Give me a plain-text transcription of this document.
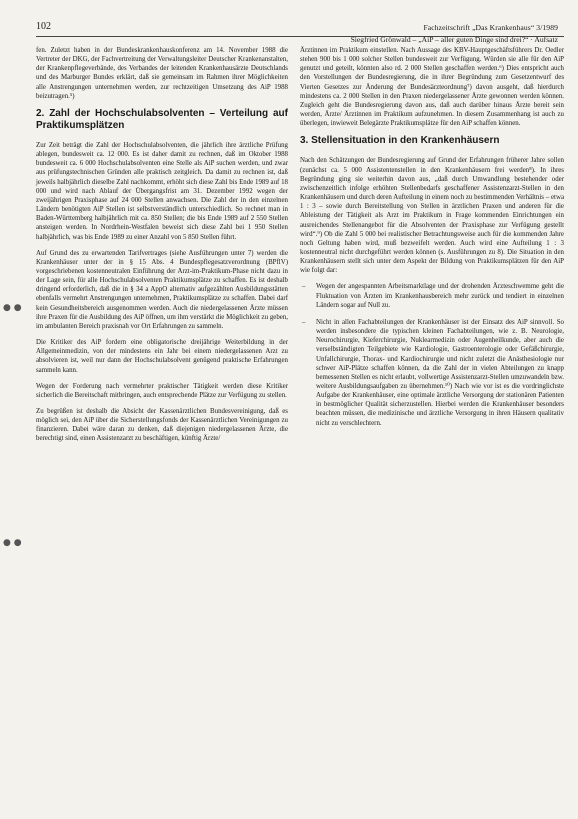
102	Fachzeitschrift „Das Krankenhaus“ 3/1989
Siegfried Grönwald – „AiP – aller guten Dinge sind drei?“ · Aufsatz
● ●
● ●

fen. Zuletzt haben in der Bundeskrankenhauskonferenz am 14. November 1988 die Vertreter der DKG, der Fachvertreitung der Verwaltungsleiter Deutscher Krankenanstalten, der Krankenpflegeverbände, des Verbandes der leitenden Krankenhausärzte Deutschlands und des Marburger Bundes erklärt, daß sie gemeinsam im Rahmen ihrer Möglichkeiten alle Anstrengungen unternehmen werden, zur rechtzeitigen Umsetzung des AiP 1988 beizutragen.⁵)

2. Zahl der Hochschulabsolventen – Verteilung auf Praktikumsplätzen

Zur Zeit beträgt die Zahl der Hochschulabsolventen, die jährlich ihre ärztliche Prüfung ablegen, bundesweit ca. 12 000. Es ist daher damit zu rechnen, daß im Oktober 1988 bundesweit ca. 6 000 Hochschulabsolventen eine Stelle als AiP suchen werden, und zwar aus prüfungstechnischen Gründen alle praktisch zeitgleich. Da damit zu rechnen ist, daß jeweils halbjährlich dieselbe Zahl nachkommt, erhöht sich diese Zahl bis Ende 1989 auf 18 000 und wird nach Ablauf der Übergangsfrist am 31. Dezember 1992 wegen der zweijährigen Praxisphase auf 24 000 Stellen anwachsen. Die Zahl der in den einzelnen Ländern benötigten AiP Stellen ist selbstverständlich unterschiedlich. So rechnet man in Baden-Württemberg halbjährlich mit ca. 850 Stellen; die bis Ende 1989 auf 2 550 Stellen ansteigen werden. In Nordrhein-Westfalen beweist sich diese Zahl bei 1 950 Stellen halbjährlich, was bis Ende 1989 zu einer Anzahl von 5 850 Stellen führt.

Auf Grund des zu erwartenden Tarifvertrages (siehe Ausführungen unter 7) werden die Krankenhäuser unter der in § 15 Abs. 4 Bundespflegesatzverordnung (BPflV) vorgeschriebenen kostenneutralen Einführung der Arzt-im-Praktikum-Phase nicht dazu in der Lage sein, für alle Hochschulabsolventen Praktikumsplätze zu schaffen. Es ist deshalb dringend erforderlich, daß die in § 34 a AppO alternativ aufgezählten Ausbildungsstätten ebenfalls vermehrt Anstrengungen unternehmen, Praktikumsplätze zu schaffen. Dabei darf kein Gesundheitsbereich ausgenommen werden. Auch die niedergelassenen Ärzte müssen ihre Praxen für die Ausbildung des AiP öffnen, um ihm verstärkt die Möglichkeit zu geben, im ambulanten Bereich praxisnah vor Ort Erfahrungen zu sammeln.

Die Kritiker des AiP fordern eine obligatorische dreijährige Weiterbildung in der Allgemeinmedizin, von der mindestens ein Jahr bei einem niedergelassenen Arzt zu absolvieren ist, weil nur dann der Hochschulabsolvent genügend praktische Erfahrungen sammeln kann.

Wegen der Forderung nach vermehrter praktischer Tätigkeit werden diese Kritiker sicherlich die Bereitschaft mitbringen, auch entsprechende Plätze zur Verfügung zu stellen.

Zu begrüßen ist deshalb die Absicht der Kassenärztlichen Bundesvereinigung, daß es möglich sei, den AiP über die Sicherstellungsfonds der Kassenärztlichen Vereinigungen zu finanzieren. Dabei wäre daran zu denken, daß diejenigen niedergelassenen Ärzte, die berechtigt sind, einen Assistenzarzt zu beschäftigen, künftig Ärzte/

Ärztinnen im Praktikum einstellen. Nach Aussage des KBV-Hauptgeschäftsführers Dr. Oedler stehen 900 bis 1 000 solcher Stellen bundesweit zur Verfügung. Würden sie alle für den AiP genutzt und geteilt, könnten also rd. 2 000 Stellen geschaffen werden.⁶) Dies entspricht auch den Vorstellungen der Bundesregierung, die in ihrer Begründung zum Gesetzentwurf des Vierten Gesetzes zur Änderung der Bundesärzteordnung⁷) davon ausgeht, daß hierdurch mindestens ca. 2 000 Stellen in den Praxen niedergelassener Ärzte gewonnen werden können. Zugleich geht die Bundesregierung davon aus, daß auch darüber hinaus Ärzte bereit sein werden, Ärzte/ Ärztinnen im Praktikum aufzunehmen. In diesem Zusammenhang ist auch zu überlegen, inwieweit Belegärzte Praktikumsplätze für den AiP schaffen können.

3. Stellensituation in den Krankenhäusern

Nach den Schätzungen der Bundesregierung auf Grund der Erfahrungen früherer Jahre sollen (zunächst ca. 5 000 Assistentenstellen in den Krankenhäusern frei werden⁸). In ihres Begründung ging sie weiterhin davon aus, „daß durch Umwandlung bestehender oder zwischenzeitlich infolge erhöhten Stellenbedarfs geschaffener Assistenzarzt-Stellen in den Krankenhäusern und durch deren Aufteilung in einem noch zu bestimmenden Verhältnis – etwa 1 : 3 – sowie durch Bereitstellung von Stellen in ärztlichen Praxen und anderen für die Ableistung der Tätigkeit als Arzt im Praktikum in Frage kommenden Einrichtungen ein ausreichendes Stellenangebot für die Absolventen der Praxisphase zur Verfügung gestellt wird“.⁹) Ob die Zahl 5 000 bei realistischer Betrachtungsweise auch für die kommenden Jahre noch Geltung haben wird, muß bezweifelt werden. Auch wird eine Aufteilung 1 : 3 kostenneutral nicht durchgeführt werden können (s. Ausführungen zu 8). Die Situation in den Krankenhäusern stellt sich unter dem Aspekt der Bildung von Praktikumsplätzen für den AiP wie folgt dar:

– Wegen der angespannten Arbeitsmarktlage und der drohenden Ärzteschwemme geht die Fluktuation von Ärzten im Krankenhausbereich mehr zurück und tendiert in einzelnen Ländern sogar auf Null zu.
– Nicht in allen Fachabteilungen der Krankenhäuser ist der Einsatz des AiP sinnvoll. So werden insbesondere die typischen kleinen Fachabteilungen, wie z. B. Neurologie, Neurochirurgie, Kieferchirurgie, Nuklearmedizin oder Augenheilkunde, aber auch die verselbständigten Teilgebiete wie Kardiologie, Gastroenterologie oder Gefäßchirurgie, Unfallchirurgie, Thorax- und Kardiochirurgie und nicht zuletzt die Anästhesiologie nur schwer AiP-Plätze schaffen können, da die Zahl der in vielen Abteilungen zu knapp bemessenen Stellen es nicht erlaubt, vollwertige Assistenzarzt-Stellen umzuwandeln bzw. weitere Ausbildungsaufgaben zu übernehmen.¹⁰) Nach wie vor ist es die vordringlichste Aufgabe der Krankenhäuser, eine optimale ärztliche Versorgung der stationären Patienten in bestmöglicher Qualität sicherzustellen. Hierbei werden die Krankenhäuser besonders beachten müssen, die medizinische und ärztliche Versorgung in ihren Häusern qualitativ nicht zu verschlechtern.
